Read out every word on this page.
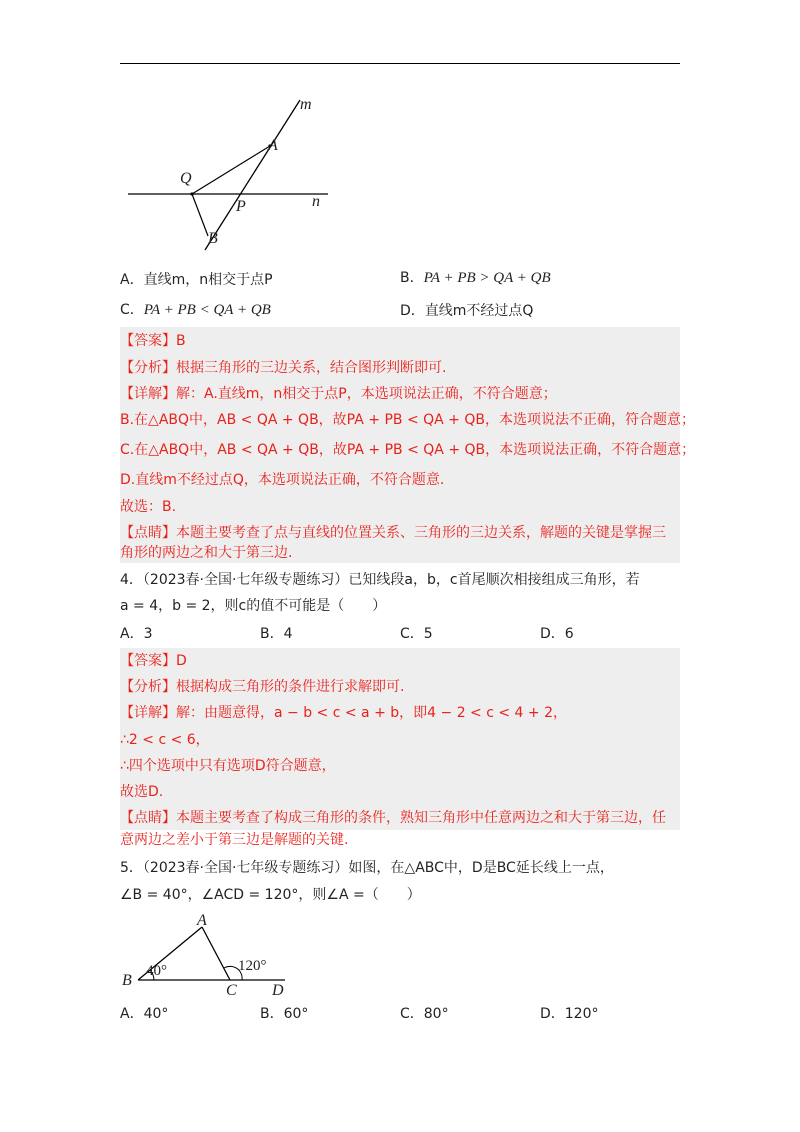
m
A
Q
P	n
B
A．直线m，n相交于点P	B．PA + PB > QA + QB
C．PA + PB < QA + QB	D．直线m不经过点Q
【答案】B
【分析】根据三角形的三边关系，结合图形判断即可.
【详解】解：A.直线m，n相交于点P，本选项说法正确，不符合题意；
B.在△ABQ中，AB < QA + QB，故PA + PB < QA + QB，本选项说法不正确，符合题意；
C.在△ABQ中，AB < QA + QB，故PA + PB < QA + QB，本选项说法正确，不符合题意；
D.直线m不经过点Q，本选项说法正确，不符合题意.
故选：B.
【点睛】本题主要考查了点与直线的位置关系、三角形的三边关系，解题的关键是掌握三
角形的两边之和大于第三边.
4．（2023春·全国·七年级专题练习）已知线段a，b，c首尾顺次相接组成三角形，若
a = 4，b = 2，则c的值不可能是（　　）
A．3	B．4	C．5	D．6
【答案】D
【分析】根据构成三角形的条件进行求解即可.
【详解】解：由题意得，a − b < c < a + b，即4 − 2 < c < 4 + 2，
∴2 < c < 6，
∴四个选项中只有选项D符合题意，
故选D.
【点睛】本题主要考查了构成三角形的条件，熟知三角形中任意两边之和大于第三边，任
意两边之差小于第三边是解题的关键.
5．（2023春·全国·七年级专题练习）如图，在△ABC中，D是BC延长线上一点，
∠B = 40°，∠ACD = 120°，则∠A =（　　）
A
B
C D
40°	120°
A．40°	B．60°	C．80°	D．120°
